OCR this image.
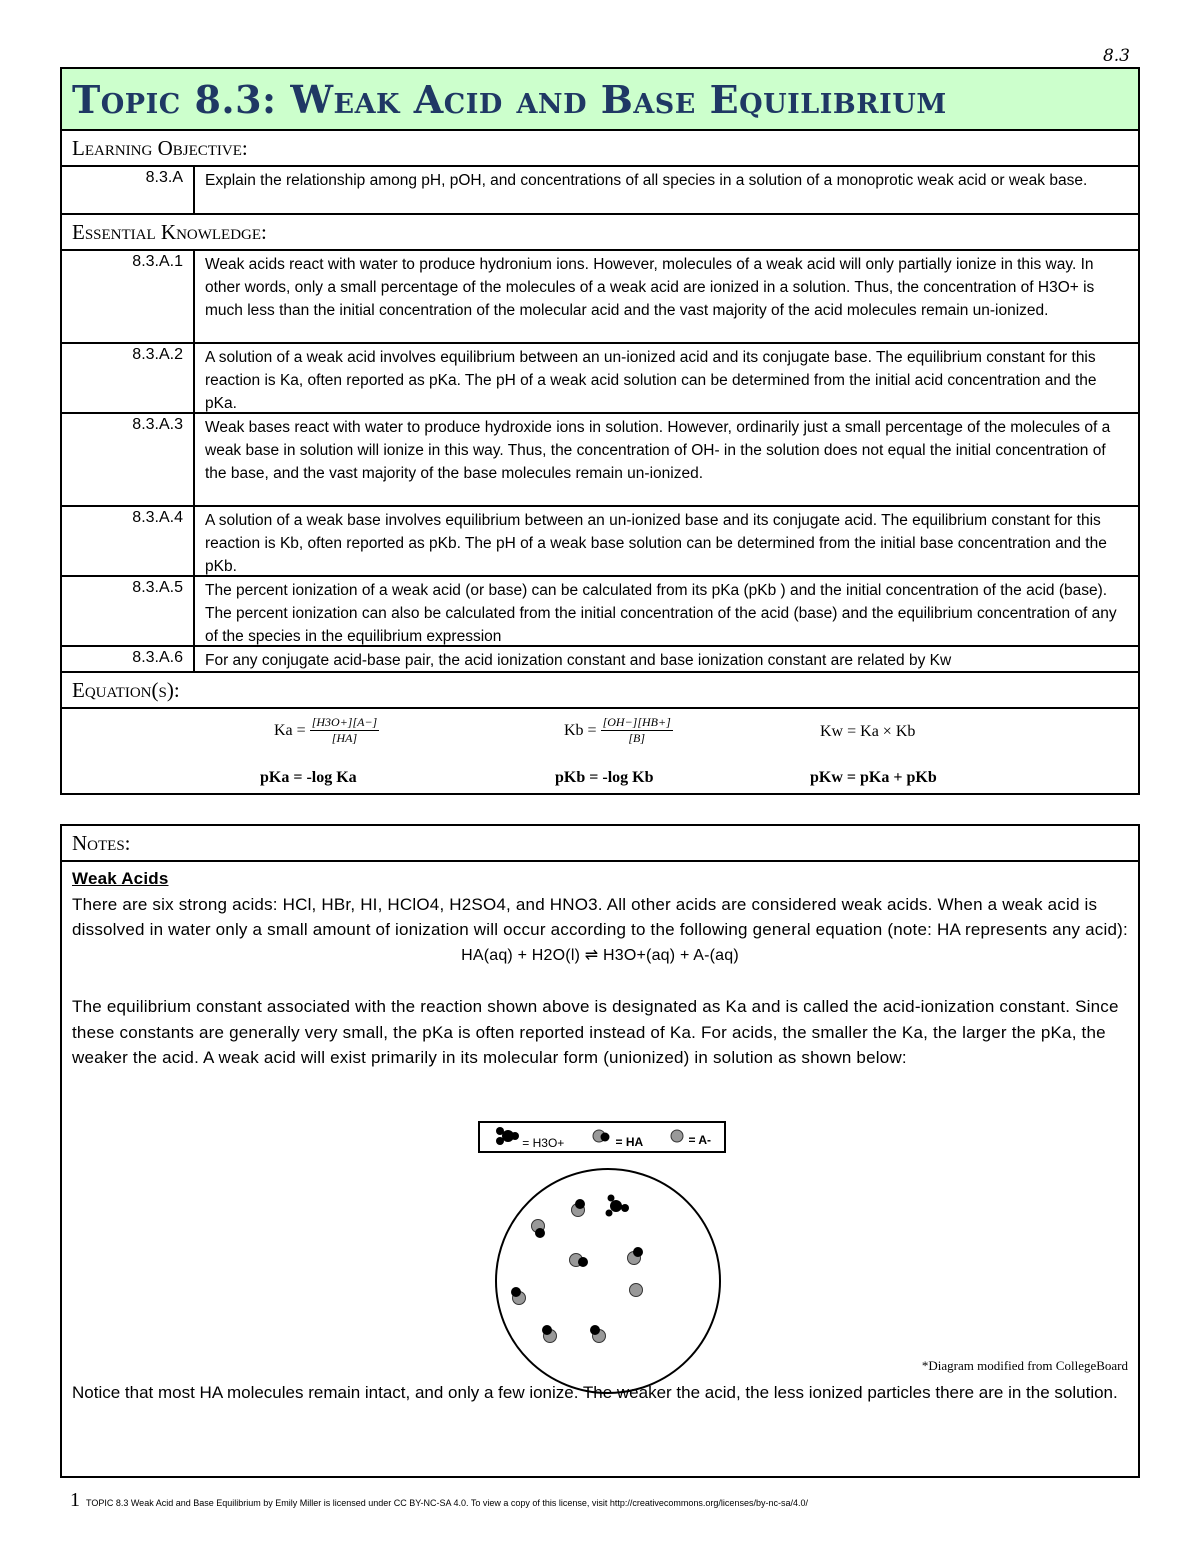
8.3
Topic 8.3: Weak Acid and Base Equilibrium
Learning Objective:
8.3.A	Explain the relationship among pH, pOH, and concentrations of all species in a solution of a monoprotic weak acid or weak base.
Essential Knowledge:
8.3.A.1	Weak acids react with water to produce hydronium ions. However, molecules of a weak acid will only partially ionize in this way. In other words, only a small percentage of the molecules of a weak acid are ionized in a solution. Thus, the concentration of H3O+ is much less than the initial concentration of the molecular acid and the vast majority of the acid molecules remain un-ionized.
8.3.A.2	A solution of a weak acid involves equilibrium between an un-ionized acid and its conjugate base. The equilibrium constant for this reaction is Ka, often reported as pKa. The pH of a weak acid solution can be determined from the initial acid concentration and the pKa.
8.3.A.3	Weak bases react with water to produce hydroxide ions in solution. However, ordinarily just a small percentage of the molecules of a weak base in solution will ionize in this way. Thus, the concentration of OH- in the solution does not equal the initial concentration of the base, and the vast majority of the base molecules remain un-ionized.
8.3.A.4	A solution of a weak base involves equilibrium between an un-ionized base and its conjugate acid. The equilibrium constant for this reaction is Kb, often reported as pKb. The pH of a weak base solution can be determined from the initial base concentration and the pKb.
8.3.A.5	The percent ionization of a weak acid (or base) can be calculated from its pKa (pKb ) and the initial concentration of the acid (base). The percent ionization can also be calculated from the initial concentration of the acid (base) and the equilibrium concentration of any of the species in the equilibrium expression
8.3.A.6	For any conjugate acid-base pair, the acid ionization constant and base ionization constant are related by Kw
Equation(s):
$Ka = \frac{[H3O+][A-]}{[HA]}$	$Kb = \frac{[OH-][HB+]}{[B]}$	Kw = Ka × Kb
pKa = -log Ka	pKb = -log Kb	pKw = pKa + pKb
Notes:
Weak Acids

There are six strong acids: HCl, HBr, HI, HClO4, H2SO4, and HNO3. All other acids are considered weak acids. When a weak acid is dissolved in water only a small amount of ionization will occur according to the following general equation (note: HA represents any acid):

HA(aq) + H2O(l) ⇌ H3O+(aq) + A-(aq)

The equilibrium constant associated with the reaction shown above is designated as Ka and is called the acid-ionization constant. Since these constants are generally very small, the pKa is often reported instead of Ka. For acids, the smaller the Ka, the larger the pKa, the weaker the acid. A weak acid will exist primarily in its molecular form (unionized) in solution as shown below:

= H3O+	= HA	= A-
*Diagram modified from CollegeBoard
Notice that most HA molecules remain intact, and only a few ionize. The weaker the acid, the less ionized particles there are in the solution.
1 TOPIC 8.3 Weak Acid and Base Equilibrium by Emily Miller is licensed under CC BY-NC-SA 4.0. To view a copy of this license, visit http://creativecommons.org/licenses/by-nc-sa/4.0/
